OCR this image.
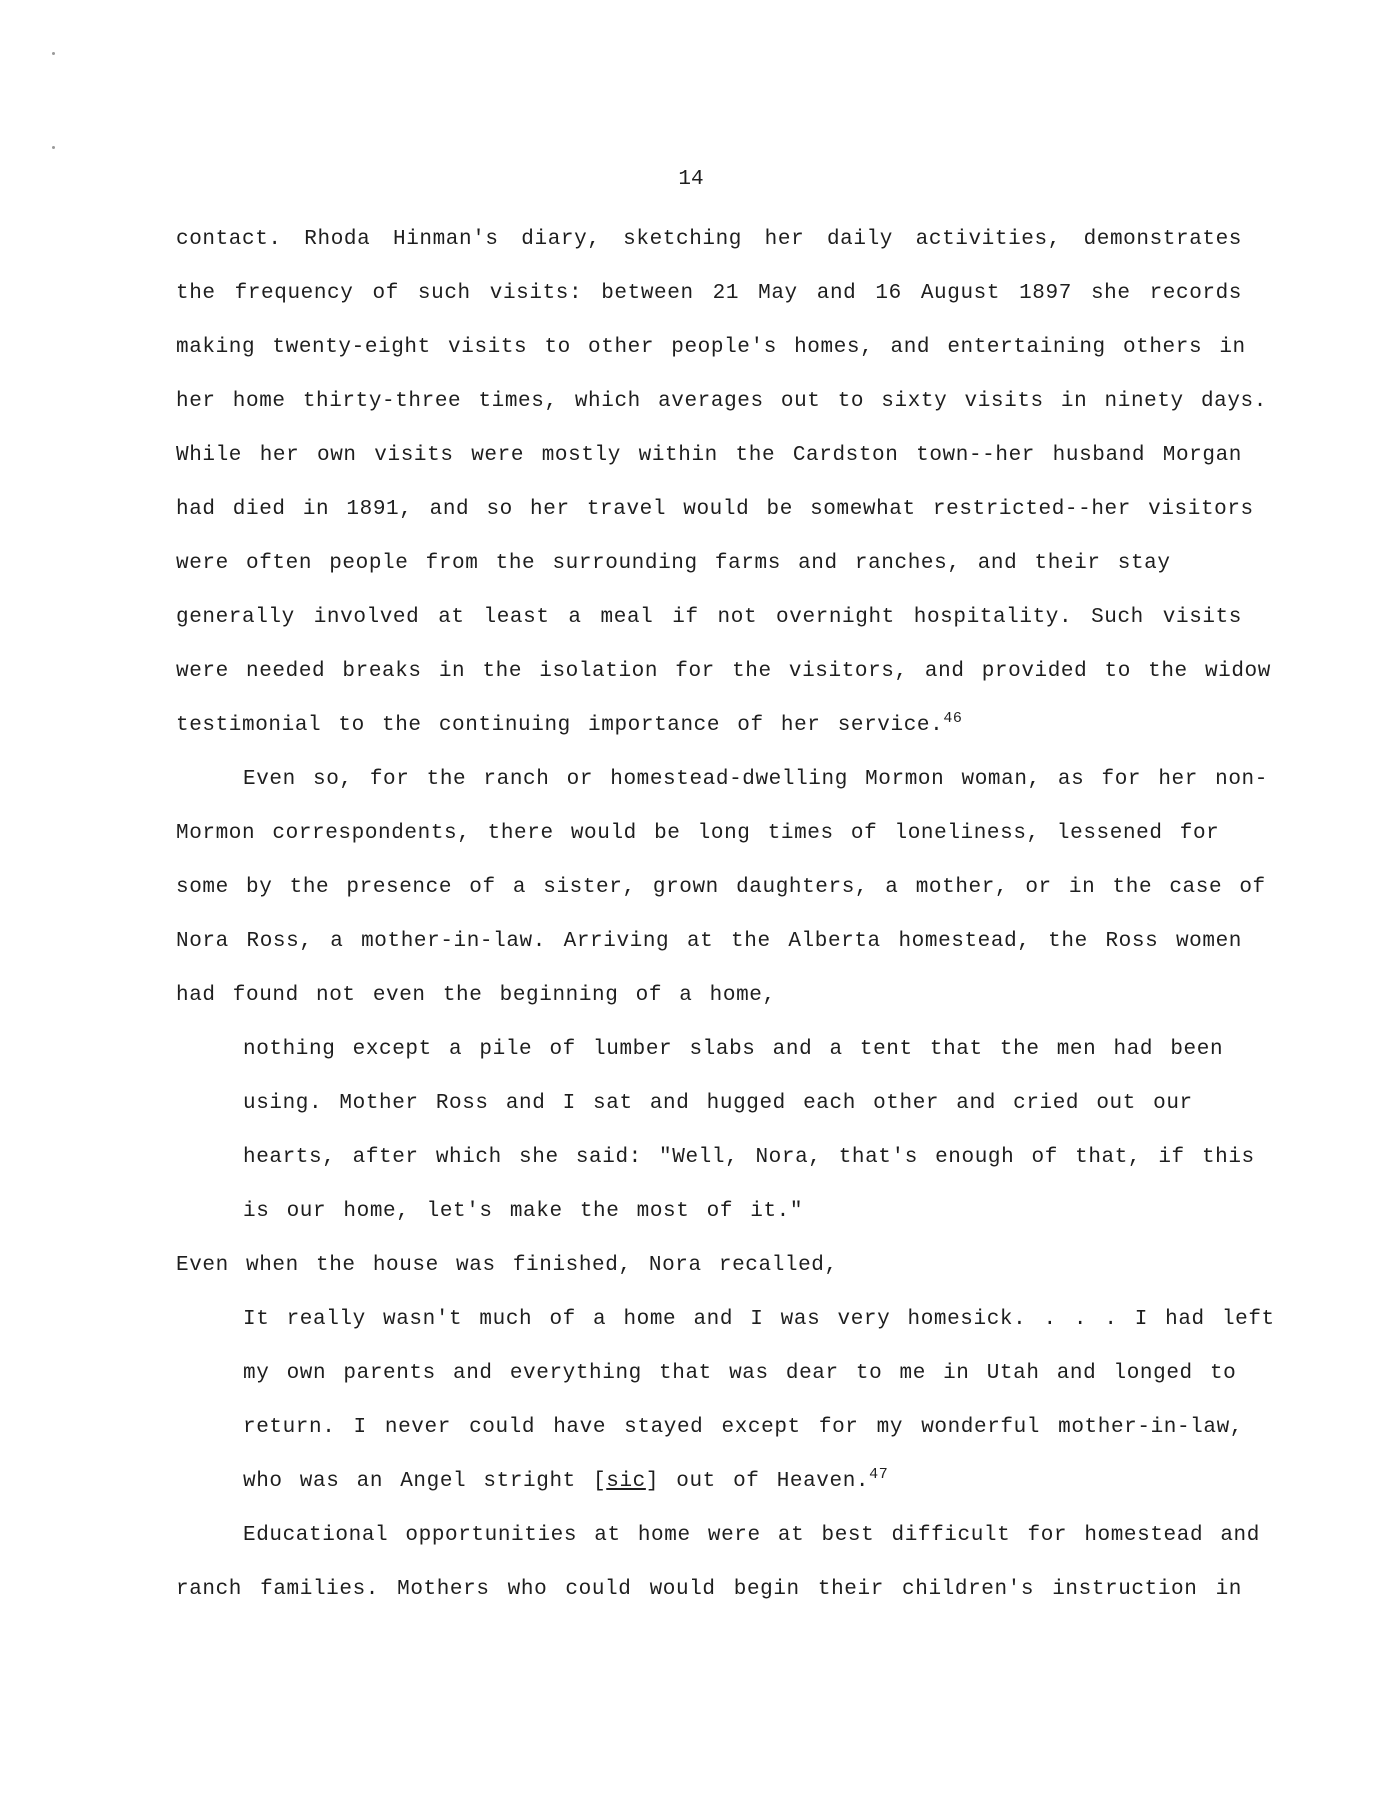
14
contact. Rhoda Hinman's diary, sketching her daily activities, demonstrates
the frequency of such visits: between 21 May and 16 August 1897 she records
making twenty-eight visits to other people's homes, and entertaining others in
her home thirty-three times, which averages out to sixty visits in ninety days.
While her own visits were mostly within the Cardston town--her husband Morgan
had died in 1891, and so her travel would be somewhat restricted--her visitors
were often people from the surrounding farms and ranches, and their stay
generally involved at least a meal if not overnight hospitality. Such visits
were needed breaks in the isolation for the visitors, and provided to the widow
testimonial to the continuing importance of her service.$^{46}$
Even so, for the ranch or homestead-dwelling Mormon woman, as for her non-
Mormon correspondents, there would be long times of loneliness, lessened for
some by the presence of a sister, grown daughters, a mother, or in the case of
Nora Ross, a mother-in-law. Arriving at the Alberta homestead, the Ross women
had found not even the beginning of a home,
nothing except a pile of lumber slabs and a tent that the men had been
using. Mother Ross and I sat and hugged each other and cried out our
hearts, after which she said: "Well, Nora, that's enough of that, if this
is our home, let's make the most of it."
Even when the house was finished, Nora recalled,
It really wasn't much of a home and I was very homesick. . . . I had left
my own parents and everything that was dear to me in Utah and longed to
return. I never could have stayed except for my wonderful mother-in-law,
who was an Angel stright [sic] out of Heaven.$^{47}$
Educational opportunities at home were at best difficult for homestead and
ranch families. Mothers who could would begin their children's instruction in
